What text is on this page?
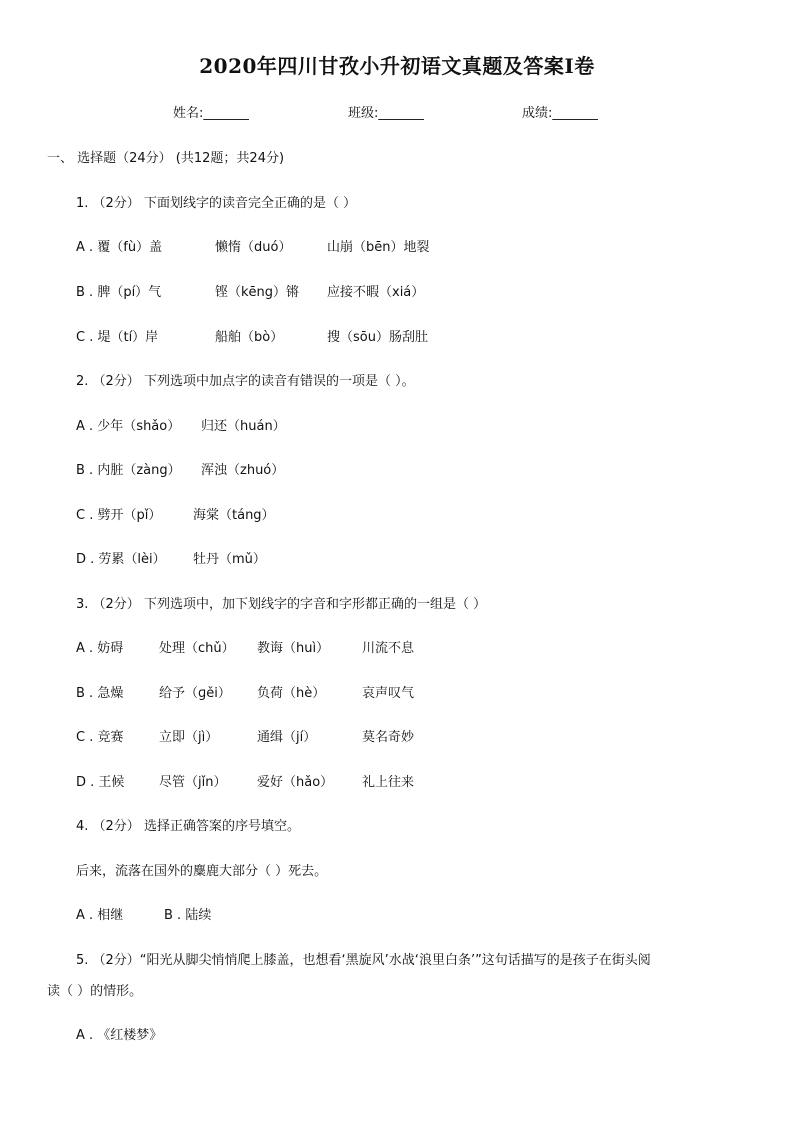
2020年四川甘孜小升初语文真题及答案Ⅰ卷
姓名:_______	班级:_______	成绩:_______
一、 选择题（24分） (共12题；共24分)
1. （2分） 下面划线字的读音完全正确的是（ ）
A . 覆（fù）盖	懒惰（duó）	山崩（bēn）地裂
B . 脾（pí）气	铿（kēng）锵 应接不暇（xiá）
C . 堤（tí）岸	船舶（bò）	搜（sōu）肠刮肚
2. （2分） 下列选项中加点字的读音有错误的一项是（ ）。
A . 少年（shǎo） 归还（huán）
B . 内脏（zàng） 浑浊（zhuó）
C . 劈开（pǐ） 海棠（táng）
D . 劳累（lèi） 牡丹（mǔ）
3. （2分） 下列选项中，加下划线字的字音和字形都正确的一组是（ ）
A . 妨碍	处理（chǔ） 教诲（huì）	川流不息
B . 急燥	给予（ɡěi） 负荷（hè）	哀声叹气
C . 竞赛	立即（jì）	通缉（jí）	莫名奇妙
D . 王候	尽管（jǐn） 爱好（hǎo） 礼上往来
4. （2分） 选择正确答案的序号填空。
后来，流落在国外的麋鹿大部分（ ）死去。
A . 相继	B . 陆续
5. （2分）“阳光从脚尖悄悄爬上膝盖，也想看‘黑旋风’水战‘浪里白条’”这句话描写的是孩子在街头阅
读（ ）的情形。
A . 《红楼梦》
